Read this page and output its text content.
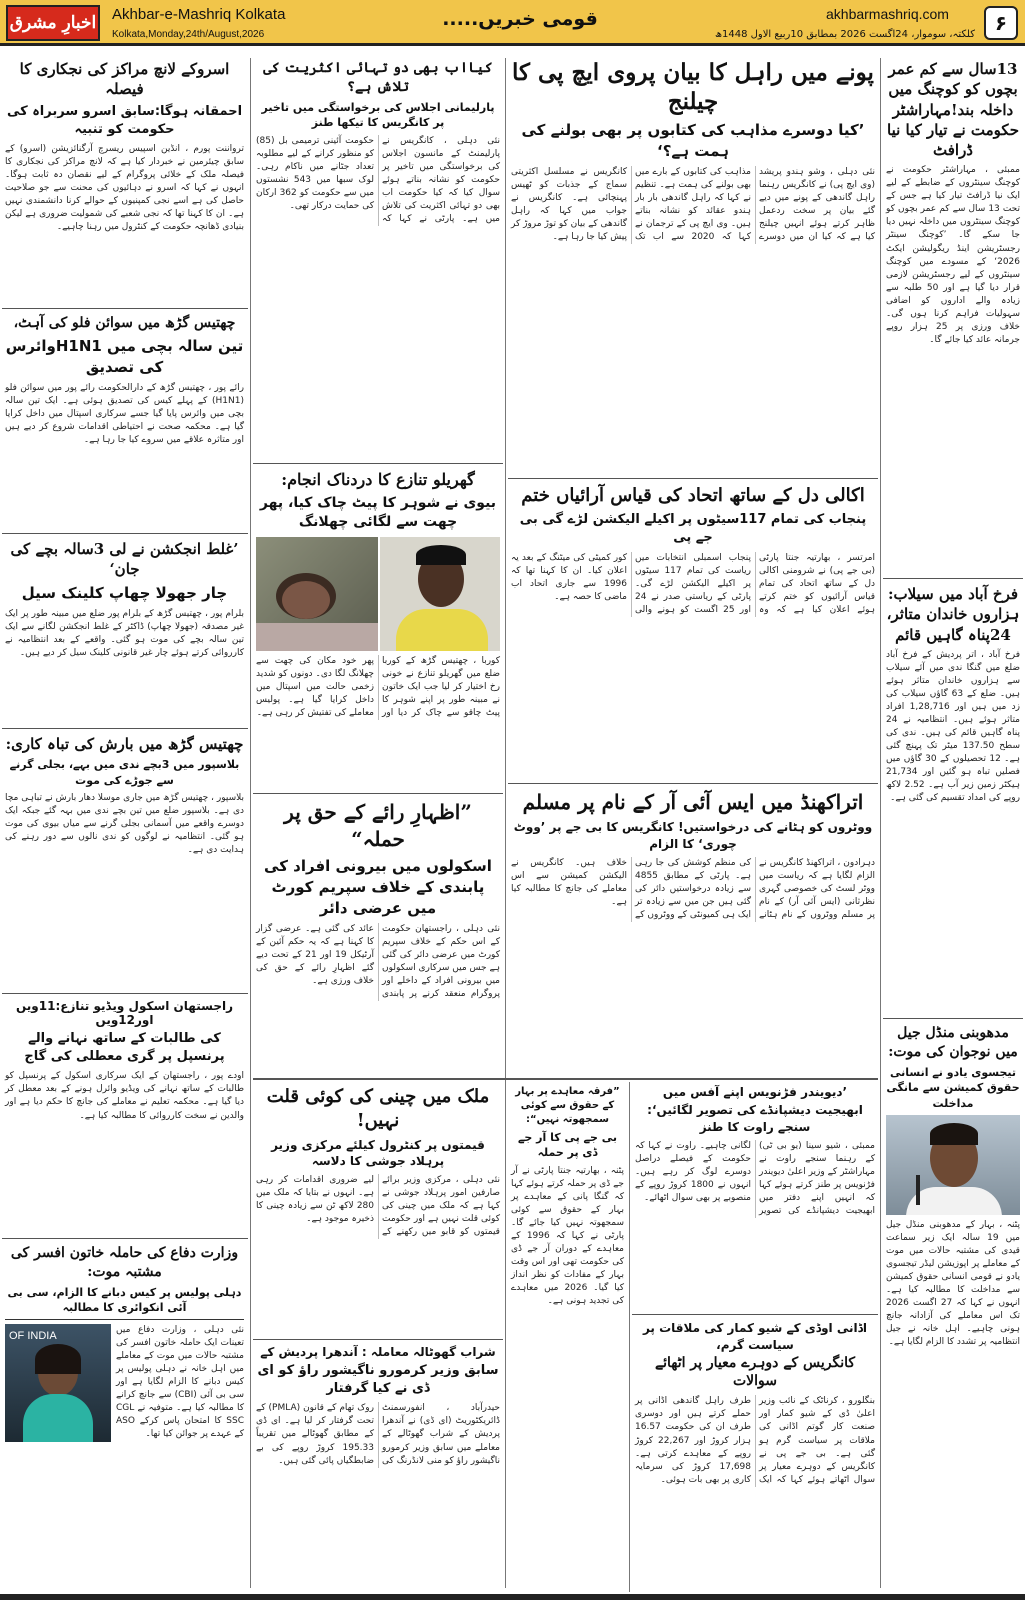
اخبارِ مشرق Akhbar-e-Mashriq Kolkata
Kolkata,Monday,24th/August,2026
قومی خبریں.....	akhbarmashriq.com
کلکتہ، سوموار، 24اگست 2026 بمطابق 10ربیع الاول 1448ھ ۶
اسروکے لانچ مراکز کی نجکاری کا فیصلہ
احمقانہ ہوگا:سابق اسرو سربراہ کی حکومت کو تنبیہ
ترواننت پورم ، انڈین اسپیس ریسرچ آرگنائزیشن (اسرو) کے سابق چیئرمین نے خبردار کیا ہے کہ لانچ مراکز کی نجکاری کا فیصلہ ملک کے خلائی پروگرام کے لیے نقصان دہ ثابت ہوگا۔ انہوں نے کہا کہ اسرو نے دہائیوں کی محنت سے جو صلاحیت حاصل کی ہے اسے نجی کمپنیوں کے حوالے کرنا دانشمندی نہیں ہے۔ ان کا کہنا تھا کہ نجی شعبے کی شمولیت ضروری ہے لیکن بنیادی ڈھانچہ حکومت کے کنٹرول میں رہنا چاہیے۔
چھتیس گڑھ میں سوائن فلو کی آہٹ،
تین سالہ بچی میں H1N1وائرس کی تصدیق
رائے پور ، چھتیس گڑھ کے دارالحکومت رائے پور میں سوائن فلو (H1N1) کے پہلے کیس کی تصدیق ہوئی ہے۔ ایک تین سالہ بچی میں وائرس پایا گیا جسے سرکاری اسپتال میں داخل کرایا گیا ہے۔ محکمہ صحت نے احتیاطی اقدامات شروع کر دیے ہیں اور متاثرہ علاقے میں سروے کیا جا رہا ہے۔
’غلط انجکشن نے لی 3سالہ بچے کی جان‘
چار جھولا چھاپ کلینک سیل
بلرام پور ، چھتیس گڑھ کے بلرام پور ضلع میں مبینہ طور پر ایک غیر مصدقہ (جھولا چھاپ) ڈاکٹر کے غلط انجکشن لگانے سے ایک تین سالہ بچے کی موت ہو گئی۔ واقعے کے بعد انتظامیہ نے کارروائی کرتے ہوئے چار غیر قانونی کلینک سیل کر دیے ہیں۔
چھتیس گڑھ میں بارش کی تباہ کاری:
بلاسپور میں 3بچے ندی میں بہے، بجلی گرنے سے جوڑے کی موت
بلاسپور ، چھتیس گڑھ میں جاری موسلا دھار بارش نے تباہی مچا دی ہے۔ بلاسپور ضلع میں تین بچے ندی میں بہہ گئے جبکہ ایک دوسرے واقعے میں آسمانی بجلی گرنے سے میاں بیوی کی موت ہو گئی۔ انتظامیہ نے لوگوں کو ندی نالوں سے دور رہنے کی ہدایت دی ہے۔
راجستھان اسکول ویڈیو تنازع:11ویں اور12ویں
کی طالبات کے ساتھ نہانے والے پرنسپل پر گری معطلی کی گاج
اودے پور ، راجستھان کے ایک سرکاری اسکول کے پرنسپل کو طالبات کے ساتھ نہانے کی ویڈیو وائرل ہونے کے بعد معطل کر دیا گیا ہے۔ محکمہ تعلیم نے معاملے کی جانچ کا حکم دیا ہے اور والدین نے سخت کارروائی کا مطالبہ کیا ہے۔
وزارت دفاع کی حاملہ خاتون افسر کی مشتبہ موت:
دہلی پولیس پر کیس دبانے کا الزام، سی بی آئی انکوائری کا مطالبہ
نئی دہلی ، وزارت دفاع میں تعینات ایک حاملہ خاتون افسر کی مشتبہ حالات میں موت کے معاملے میں اہل خانہ نے دہلی پولیس پر کیس دبانے کا الزام لگایا ہے اور سی بی آئی (CBI) سے جانچ کرانے کا مطالبہ کیا ہے۔ متوفیہ نے CGL SSC کا امتحان پاس کرکے ASO کے عہدے پر جوائن کیا تھا۔
OF INDIA
کیااب بھی دو تہائی اکثریت کی تلاش ہے؟
پارلیمانی اجلاس کی برخواستگی میں تاخیر پر کانگریس کا تیکھا طنز
نئی دہلی ، کانگریس نے پارلیمنٹ کے مانسون اجلاس کی برخواستگی میں تاخیر پر حکومت کو نشانہ بناتے ہوئے سوال کیا کہ کیا حکومت اب بھی دو تہائی اکثریت کی تلاش میں ہے۔ پارٹی نے کہا کہ حکومت آئینی ترمیمی بل (85) کو منظور کرانے کے لیے مطلوبہ تعداد جٹانے میں ناکام رہی۔ لوک سبھا میں 543 نشستوں میں سے حکومت کو 362 ارکان کی حمایت درکار تھی۔
گھریلو تنازع کا دردناک انجام:
بیوی نے شوہر کا پیٹ چاک کیا، پھر چھت سے لگائی چھلانگ
کوربا ، چھتیس گڑھ کے کوربا ضلع میں گھریلو تنازع نے خونی رخ اختیار کر لیا جب ایک خاتون نے مبینہ طور پر اپنے شوہر کا پیٹ چاقو سے چاک کر دیا اور پھر خود مکان کی چھت سے چھلانگ لگا دی۔ دونوں کو شدید زخمی حالت میں اسپتال میں داخل کرایا گیا ہے۔ پولیس معاملے کی تفتیش کر رہی ہے۔
”اظہارِ رائے کے حق پر حملہ“
اسکولوں میں بیرونی افراد کی پابندی کے خلاف سپریم کورٹ میں عرضی دائر
نئی دہلی ، راجستھان حکومت کے اس حکم کے خلاف سپریم کورٹ میں عرضی دائر کی گئی ہے جس میں سرکاری اسکولوں میں بیرونی افراد کے داخلے اور پروگرام منعقد کرنے پر پابندی عائد کی گئی ہے۔ عرضی گزار کا کہنا ہے کہ یہ حکم آئین کے آرٹیکل 19 اور 21 کے تحت دیے گئے اظہارِ رائے کے حق کی خلاف ورزی ہے۔
ملک میں چینی کی کوئی قلت نہیں!
قیمتوں پر کنٹرول کیلئے مرکزی وزیر پرہلاد جوشی کا دلاسہ
نئی دہلی ، مرکزی وزیر برائے صارفین امور پرہلاد جوشی نے کہا ہے کہ ملک میں چینی کی کوئی قلت نہیں ہے اور حکومت قیمتوں کو قابو میں رکھنے کے لیے ضروری اقدامات کر رہی ہے۔ انہوں نے بتایا کہ ملک میں 280 لاکھ ٹن سے زیادہ چینی کا ذخیرہ موجود ہے۔
شراب گھوٹالہ معاملہ : آندھرا پردیش کے
سابق وزیر کرمورو ناگیشور راؤ کو ای ڈی نے کیا گرفتار
حیدرآباد ، انفورسمنٹ ڈائریکٹوریٹ (ای ڈی) نے آندھرا پردیش کے شراب گھوٹالے کے معاملے میں سابق وزیر کرمورو ناگیشور راؤ کو منی لانڈرنگ کی روک تھام کے قانون (PMLA) کے تحت گرفتار کر لیا ہے۔ ای ڈی کے مطابق گھوٹالے میں تقریباً 195.33 کروڑ روپے کی بے ضابطگیاں پائی گئی ہیں۔
پونے میں راہل کا بیان پروی ایچ پی کا چیلنج
’کیا دوسرے مذاہب کی کتابوں پر بھی بولنے کی ہمت ہے؟‘
نئی دہلی ، وشو ہندو پریشد (وی ایچ پی) نے کانگریس رہنما راہل گاندھی کے پونے میں دیے گئے بیان پر سخت ردعمل ظاہر کرتے ہوئے انہیں چیلنج کیا ہے کہ کیا ان میں دوسرے مذاہب کی کتابوں کے بارے میں بھی بولنے کی ہمت ہے۔ تنظیم نے کہا کہ راہل گاندھی بار بار ہندو عقائد کو نشانہ بناتے ہیں۔ وی ایچ پی کے ترجمان نے کہا کہ 2020 سے اب تک کانگریس نے مسلسل اکثریتی سماج کے جذبات کو ٹھیس پہنچائی ہے۔ کانگریس نے جواب میں کہا کہ راہل گاندھی کے بیان کو توڑ مروڑ کر پیش کیا جا رہا ہے۔
اکالی دل کے ساتھ اتحاد کی قیاس آرائیاں ختم
پنجاب کی تمام 117سیٹوں پر اکیلے الیکشن لڑے گی بی جے پی
امرتسر ، بھارتیہ جنتا پارٹی (بی جے پی) نے شرومنی اکالی دل کے ساتھ اتحاد کی تمام قیاس آرائیوں کو ختم کرتے ہوئے اعلان کیا ہے کہ وہ پنجاب اسمبلی انتخابات میں ریاست کی تمام 117 سیٹوں پر اکیلے الیکشن لڑے گی۔ پارٹی کے ریاستی صدر نے 24 اور 25 اگست کو ہونے والی کور کمیٹی کی میٹنگ کے بعد یہ اعلان کیا۔ ان کا کہنا تھا کہ 1996 سے جاری اتحاد اب ماضی کا حصہ ہے۔
اتراکھنڈ میں ایس آئی آر کے نام پر مسلم
ووٹروں کو ہٹانے کی درخواستیں! کانگریس کا بی جے پر ’ووٹ چوری‘ کا الزام
دہرادون ، اتراکھنڈ کانگریس نے الزام لگایا ہے کہ ریاست میں ووٹر لسٹ کی خصوصی گہری نظرثانی (ایس آئی آر) کے نام پر مسلم ووٹروں کے نام ہٹانے کی منظم کوشش کی جا رہی ہے۔ پارٹی کے مطابق 4855 سے زیادہ درخواستیں دائر کی گئی ہیں جن میں سے زیادہ تر ایک ہی کمیونٹی کے ووٹروں کے خلاف ہیں۔ کانگریس نے الیکشن کمیشن سے اس معاملے کی جانچ کا مطالبہ کیا ہے۔
”فرقہ معاہدے پر بہار کے حقوق سے کوئی سمجھوتہ نہیں“:
بی جے پی کا آر جے ڈی پر حملہ
پٹنہ ، بھارتیہ جنتا پارٹی نے آر جے ڈی پر حملہ کرتے ہوئے کہا کہ گنگا پانی کے معاہدے پر بہار کے حقوق سے کوئی سمجھوتہ نہیں کیا جائے گا۔ پارٹی نے کہا کہ 1996 کے معاہدے کے دوران آر جے ڈی کی حکومت تھی اور اس وقت بہار کے مفادات کو نظر انداز کیا گیا۔ 2026 میں معاہدے کی تجدید ہونی ہے۔
’دیویندر فڑنویس اپنے آفس میں
ابھیجیت دیشپانڈے کی تصویر لگائیں‘: سنجے راوت کا طنز
ممبئی ، شیو سینا (یو بی ٹی) کے رہنما سنجے راوت نے مہاراشٹر کے وزیر اعلیٰ دیویندر فڑنویس پر طنز کرتے ہوئے کہا کہ انہیں اپنے دفتر میں ابھیجیت دیشپانڈے کی تصویر لگانی چاہیے۔ راوت نے کہا کہ حکومت کے فیصلے دراصل دوسرے لوگ کر رہے ہیں۔ انہوں نے 1800 کروڑ روپے کے منصوبے پر بھی سوال اٹھائے۔
اڈانی اوڈی کے شیو کمار کی ملاقات پر سیاست گرم،
کانگریس کے دوہرے معیار پر اٹھائے سوالات
بنگلورو ، کرناٹک کے نائب وزیر اعلیٰ ڈی کے شیو کمار اور صنعت کار گوتم اڈانی کی ملاقات پر سیاست گرم ہو گئی ہے۔ بی جے پی نے کانگریس کے دوہرے معیار پر سوال اٹھاتے ہوئے کہا کہ ایک طرف راہل گاندھی اڈانی پر حملے کرتے ہیں اور دوسری طرف ان کی حکومت 16.57 ہزار کروڑ اور 22,267 کروڑ روپے کے معاہدے کرتی ہے۔ 17,698 کروڑ کی سرمایہ کاری پر بھی بات ہوئی۔
13سال سے کم عمر بچوں کو کوچنگ میں داخلہ بند!مہاراشٹر حکومت نے تیار کیا نیا ڈرافٹ
ممبئی ، مہاراشٹر حکومت نے کوچنگ سینٹروں کے ضابطے کے لیے ایک نیا ڈرافٹ تیار کیا ہے جس کے تحت 13 سال سے کم عمر بچوں کو کوچنگ سینٹروں میں داخلہ نہیں دیا جا سکے گا۔ ’کوچنگ سینٹر رجسٹریشن اینڈ ریگولیشن ایکٹ 2026‘ کے مسودے میں کوچنگ سینٹروں کے لیے رجسٹریشن لازمی قرار دیا گیا ہے اور 50 طلبہ سے زیادہ والے اداروں کو اضافی سہولیات فراہم کرنا ہوں گی۔ خلاف ورزی پر 25 ہزار روپے جرمانہ عائد کیا جائے گا۔
فرخ آباد میں سیلاب: ہزاروں خاندان متاثر، 24پناہ گاہیں قائم
فرخ آباد ، اتر پردیش کے فرخ آباد ضلع میں گنگا ندی میں آئے سیلاب سے ہزاروں خاندان متاثر ہوئے ہیں۔ ضلع کے 63 گاؤں سیلاب کی زد میں ہیں اور 1,28,716 افراد متاثر ہوئے ہیں۔ انتظامیہ نے 24 پناہ گاہیں قائم کی ہیں۔ ندی کی سطح 137.50 میٹر تک پہنچ گئی ہے۔ 12 تحصیلوں کے 30 گاؤں میں فصلیں تباہ ہو گئیں اور 21,734 ہیکٹر زمین زیر آب ہے۔ 2.52 لاکھ روپے کی امداد تقسیم کی گئی ہے۔
مدھوبنی منڈل جیل میں نوجوان کی موت:
تیجسوی یادو نے انسانی حقوق کمیشن سے مانگی مداخلت
پٹنہ ، بہار کے مدھوبنی منڈل جیل میں 19 سالہ ایک زیر سماعت قیدی کی مشتبہ حالات میں موت کے معاملے پر اپوزیشن لیڈر تیجسوی یادو نے قومی انسانی حقوق کمیشن سے مداخلت کا مطالبہ کیا ہے۔ انہوں نے کہا کہ 27 اگست 2026 تک اس معاملے کی آزادانہ جانچ ہونی چاہیے۔ اہل خانہ نے جیل انتظامیہ پر تشدد کا الزام لگایا ہے۔
